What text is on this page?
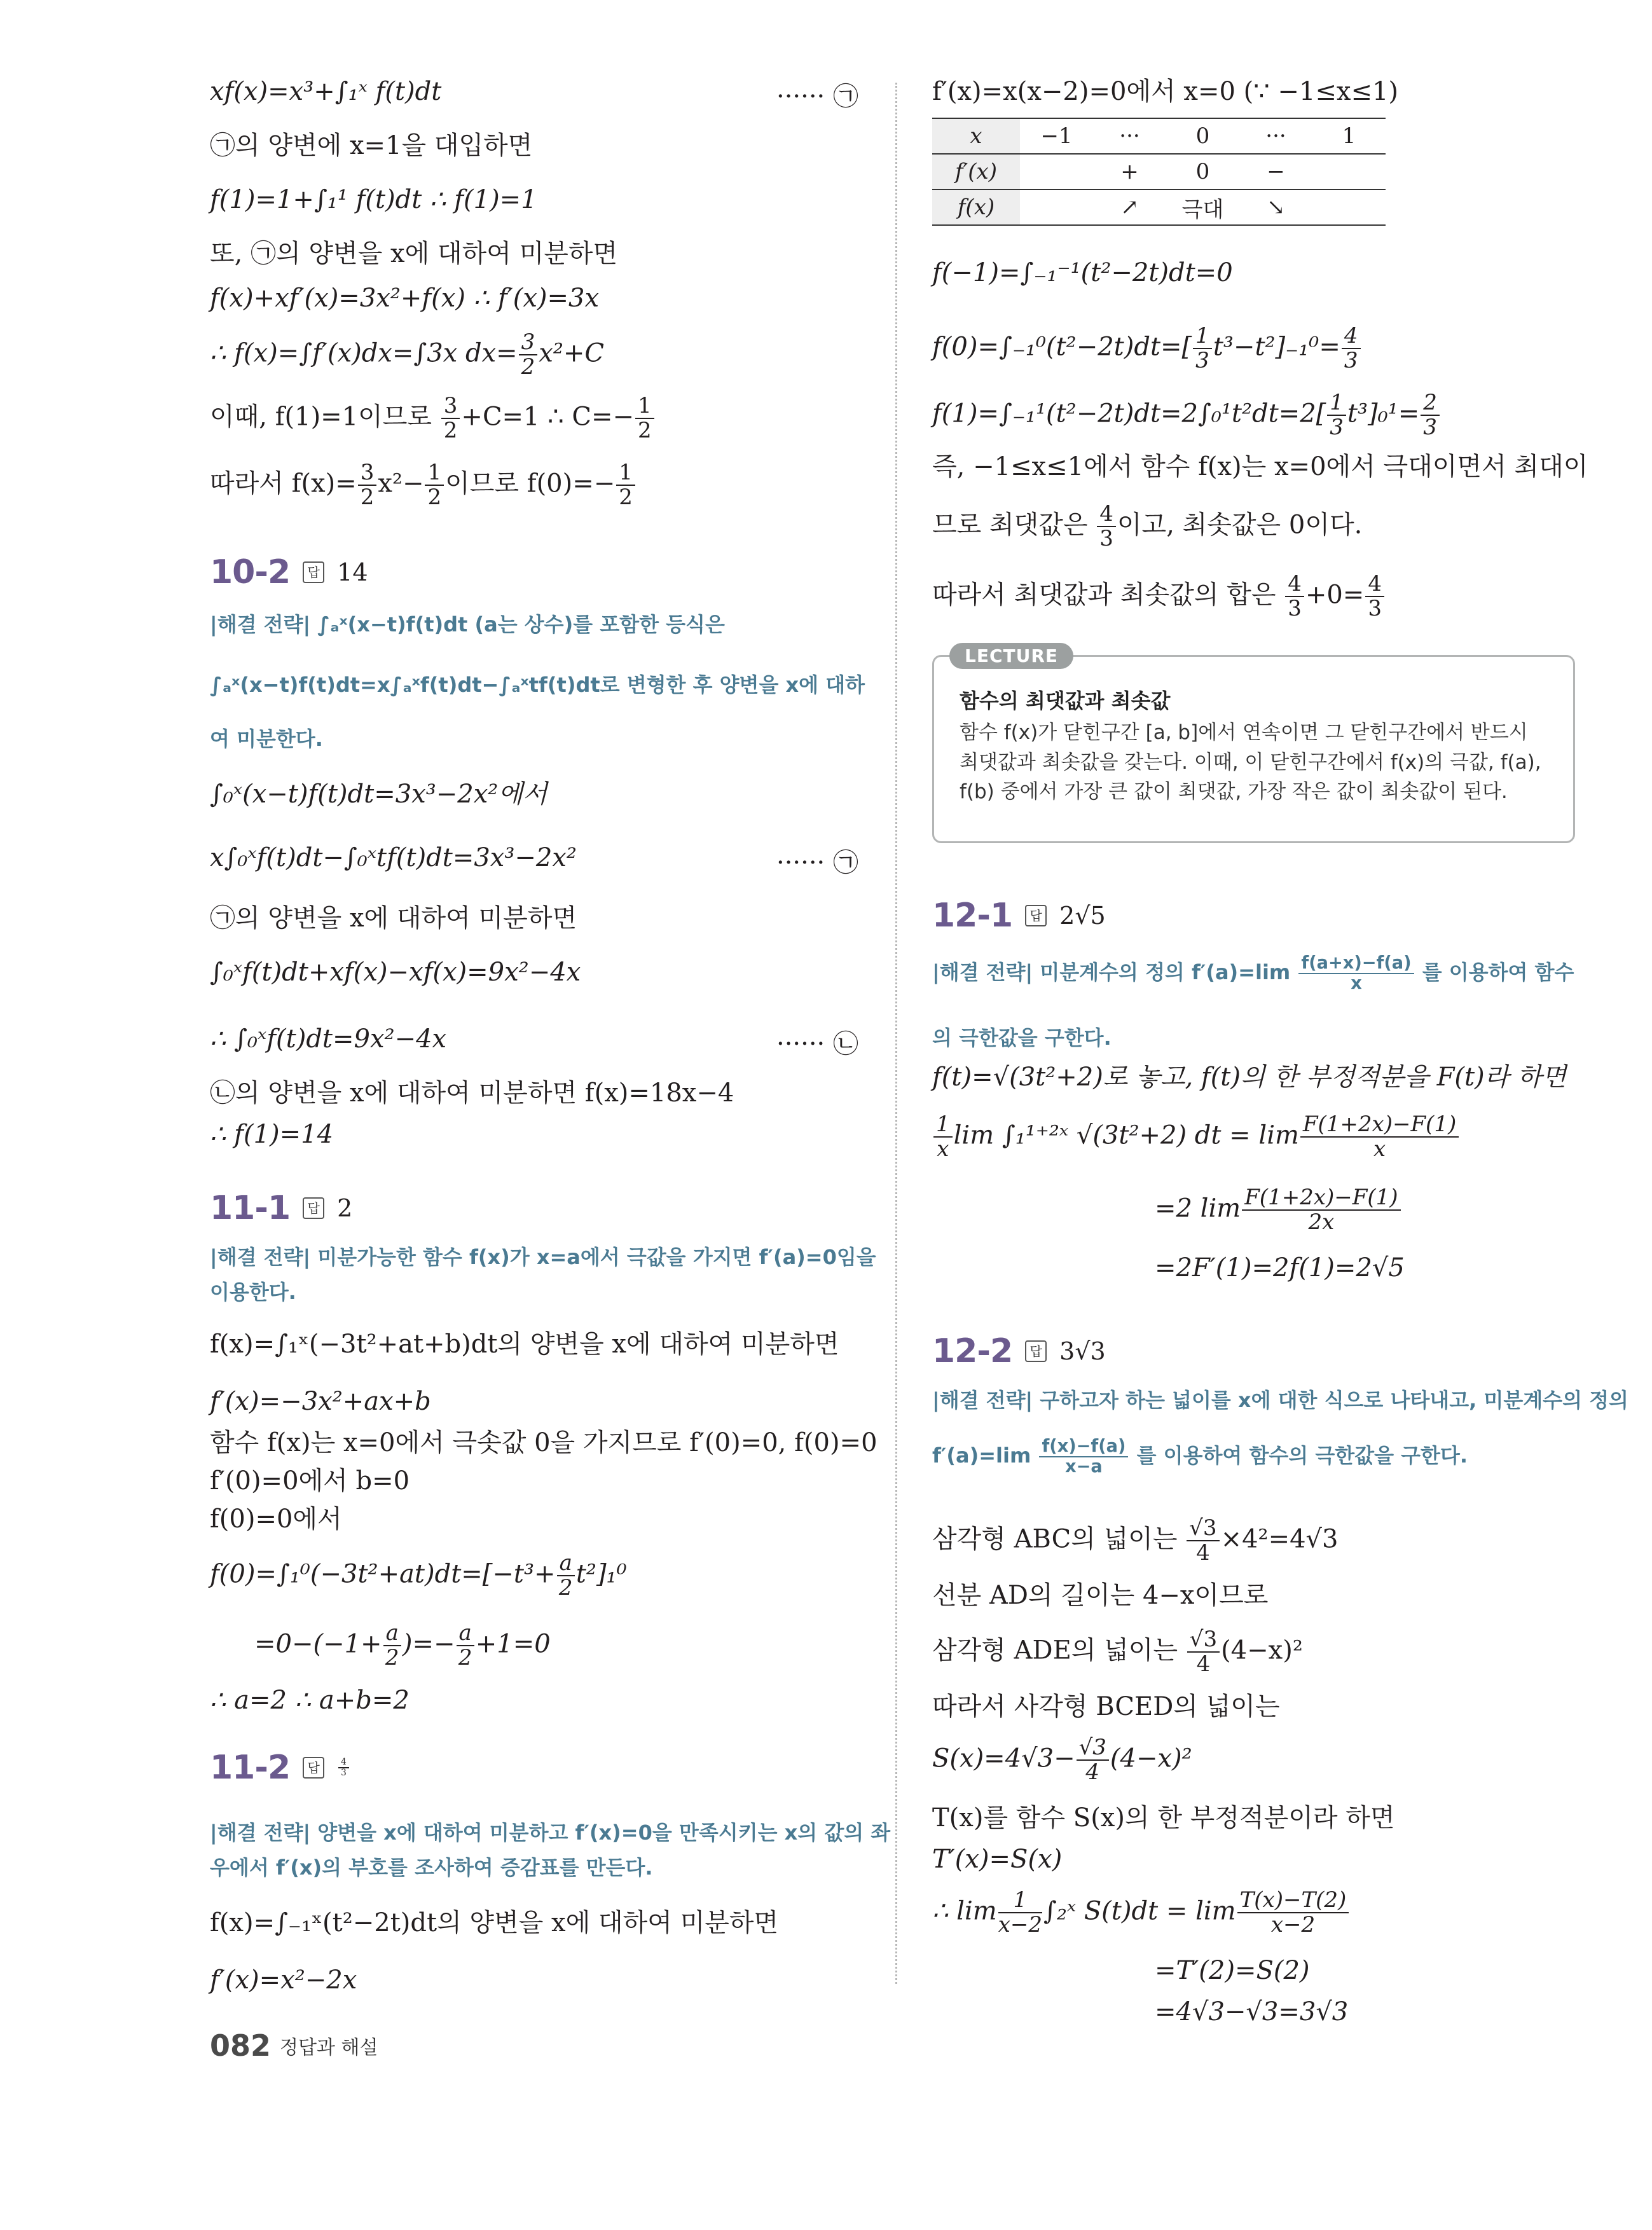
xf(x)=x³+∫₁ˣ f(t)dt	······ ㉠
㉠의 양변에 x=1을 대입하면
f(1)=1+∫₁¹ f(t)dt ∴ f(1)=1
또, ㉠의 양변을 x에 대하여 미분하면
f(x)+xf′(x)=3x²+f(x) ∴ f′(x)=3x
∴ f(x)=∫f′(x)dx=∫3x $dx= \frac{3}{2} x^2+C$
이때, f(1)=1이므로 $\frac{3}{2} +C=1$ ∴ $C=- \frac{1}{2}$
따라서 $f(x)= \frac{3}{2} x^2- \frac{1}{2}$ 이므로 $f(0)=- \frac{1}{2}$
10-2	답 14
|해결 전략| ∫ₐˣ(x−t)f(t)dt (a는 상수)를 포함한 등식은
∫ₐˣ(x−t)f(t)dt=x∫ₐˣf(t)dt−∫ₐˣtf(t)dt로 변형한 후 양변을 x에 대하
여 미분한다.
∫₀ˣ(x−t)f(t)dt=3x³−2x²에서
x∫₀ˣf(t)dt−∫₀ˣtf(t)dt=3x³−2x²	······ ㉠
㉠의 양변을 x에 대하여 미분하면
∫₀ˣf(t)dt+xf(x)−xf(x)=9x²−4x
∴ ∫₀ˣf(t)dt=9x²−4x	······ ㉡
㉡의 양변을 x에 대하여 미분하면 f(x)=18x−4
∴ f(1)=14
11-1	답 2
|해결 전략| 미분가능한 함수 f(x)가 x=a에서 극값을 가지면 f′(a)=0임을
이용한다.
f(x)=∫₁ˣ(−3t²+at+b)dt의 양변을 x에 대하여 미분하면
f′(x)=−3x²+ax+b
함수 f(x)는 x=0에서 극솟값 0을 가지므로 f′(0)=0, f(0)=0
f′(0)=0에서 b=0
f(0)=0에서
$f(0)=\int_1^0(-3t^2+at)dt=[-t^3+ \frac{a}{2} t^2]_1^0$
$=0-(-1+ \frac{a}{2}$ )=− $\frac{a}{2} +1=0$
∴ a=2 ∴ a+b=2
11-2	답	$\frac{4}{3}$
|해결 전략| 양변을 x에 대하여 미분하고 f′(x)=0을 만족시키는 x의 값의 좌
우에서 f′(x)의 부호를 조사하여 증감표를 만든다.
f(x)=∫₋₁ˣ(t²−2t)dt의 양변을 x에 대하여 미분하면
f′(x)=x²−2x
f′(x)=x(x−2)=0에서 x=0 (∵ −1≤x≤1)
x	−1	···	0	···	1
f′(x)		+	0	−	
f(x)		↗	극대	↘	
f(−1)=∫₋₁⁻¹(t²−2t)dt=0
$f(0)=\int_{-1}^0(t^2-2t)dt=[ \frac{1}{3} t^3-t^2]_{-1}^0= \frac{4}{3}$
$f(1)=\int_{-1}^1(t^2-2t)dt=2\int_0^1t^2dt=2[ \frac{1}{3} t^3]_0^1= \frac{2}{3}$
즉, −1≤x≤1에서 함수 f(x)는 x=0에서 극대이면서 최대이
므로 최댓값은 $\frac{4}{3}$ 이고, 최솟값은 0이다.
따라서 최댓값과 최솟값의 합은 $\frac{4}{3} +0= \frac{4}{3}$
LECTURE
함수의 최댓값과 최솟값
함수 f(x)가 닫힌구간 [a, b]에서 연속이면 그 닫힌구간에서 반드시 최댓값과 최솟값을 갖는다. 이때, 이 닫힌구간에서 f(x)의 극값, f(a), f(b) 중에서 가장 큰 값이 최댓값, 가장 작은 값이 최솟값이 된다.
12-1	답 2√5
|해결 전략| 미분계수의 정의 $f'(a)=\lim \frac{f(a+x)-f(a)}{x}$ 를 이용하여 함수
의 극한값을 구한다.
f(t)=√(3t²+2)로 놓고, f(t)의 한 부정적분을 F(t)라 하면
$\frac{1}{x}$ lim ∫₁¹⁺²ˣ √(3t²+2) dt = $\lim \frac{F(1+2x)-F(1)}{x}$
=2 $\lim \frac{F(1+2x)-F(1)}{2x}$
=2F′(1)=2f(1)=2√5
12-2	답 3√3
|해결 전략| 구하고자 하는 넓이를 x에 대한 식으로 나타내고, 미분계수의 정의
$f'(a)=\lim \frac{f(x)-f(a)}{x-a}$ 를 이용하여 함수의 극한값을 구한다.
삼각형 ABC의 넓이는 $\frac{√3}{4} \times 4^2=4√3$
선분 AD의 길이는 4−x이므로
삼각형 ADE의 넓이는 $\frac{√3}{4} (4-x)^2$
따라서 사각형 BCED의 넓이는
$S(x)=4√3- \frac{√3}{4} (4-x)^2$
T(x)를 함수 S(x)의 한 부정적분이라 하면
T′(x)=S(x)
∴ $\lim \frac{1}{x-2}$ ∫₂ˣ $S(t)dt = \lim \frac{T(x)-T(2)}{x-2}$
=T′(2)=S(2)
=4√3−√3=3√3
082 정답과 해설
